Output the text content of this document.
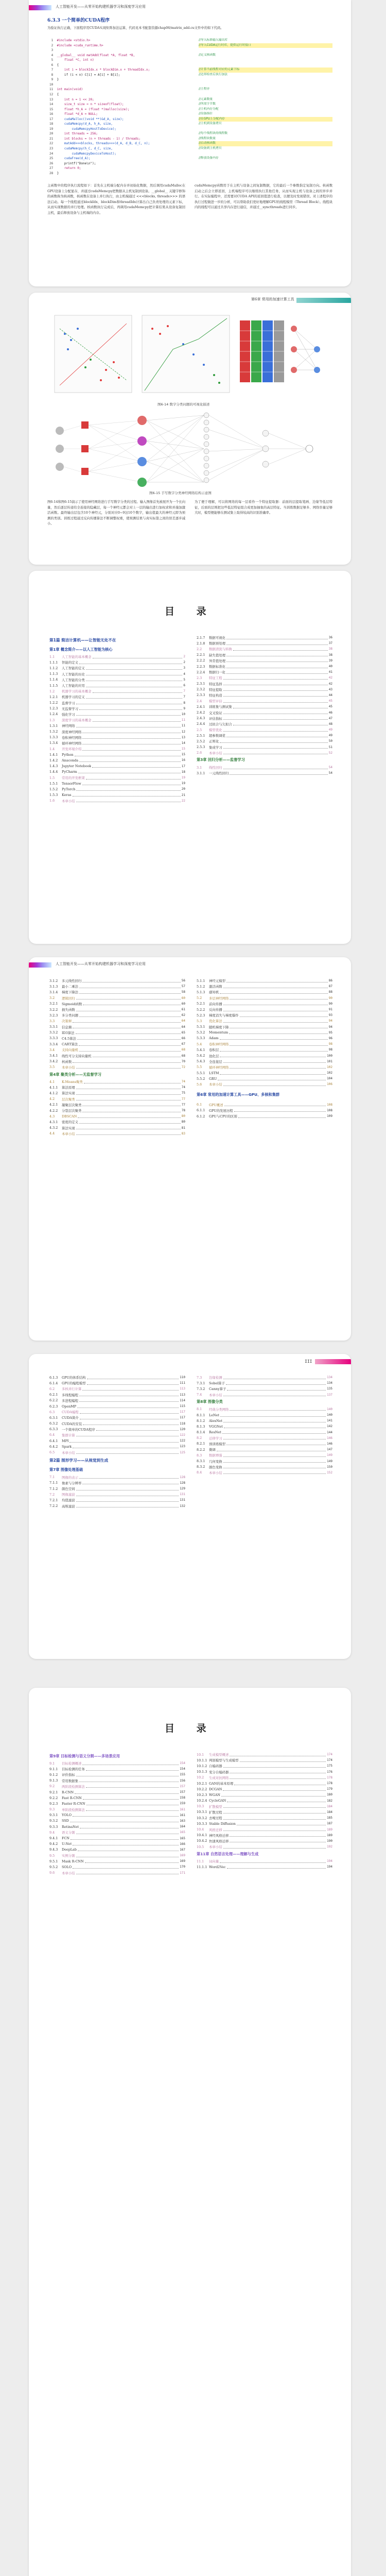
人工智能开发——从零开始构建机器学习和深度学习应用
6.3.3 一个简单的CUDA程序
为验证执行正确，下面程序用CUDA实现矩阵加法运算，代码见本书配套资源chap06/matrix_add.cu文件中的如下代码。
1  #include <stdio.h>
2  #include <cuda_runtime.h>
3
4  __global__ void matAdd(float *A, float *B,
5      float *C, int n)
6  {
7      int i = blockIdx.x * blockDim.x + threadIdx.x;
8      if (i < n) C[i] = A[i] + B[i];
9  }
10
11  int main(void)
12  {
13      int n = 1 << 20;
14      size_t size = n * sizeof(float);
15      float *h_A = (float *)malloc(size);
16      float *d_A = NULL;
17      cudaMalloc((void **)&d_A, size);
18      cudaMemcpy(d_A, h_A, size,
19          cudaMemcpyHostToDevice);
20      int threads = 256;
21      int blocks = (n + threads - 1) / threads;
22      matAdd<<<blocks, threads>>>(d_A, d_B, d_C, n);
23      cudaMemcpy(h_C, d_C, size,
24          cudaMemcpyDeviceToHost);
25      cudaFree(d_A);
26      printf("Done\n");
27      return 0;
28  }
//导入标准输入输出库
//导入CUDA运行时库，提供运行时接口

//定义核函数

//计算当前线程对应的元素下标
//边界检查后执行加法

//主程序

//元素数量
//所需字节数
//主机内存分配
//设备指针
//在GPU上分配内存
//主机到设备拷贝

//每个线程块的线程数
//线程块数量
//启动核函数
//设备到主机拷贝

//释放设备内存

主函数中的程序执行流程如下：首先在主机端分配内存并初始化数据，然后调用cudaMalloc在GPU设备上分配显存，并通过cudaMemcpy把数据从主机复制到设备。__global__ 关键字修饰的函数称为核函数，核函数在设备上并行执行，由主机端通过 <<<blocks, threads>>> 的语法启动。每一个线程通过blockIdx、blockDim和threadIdx计算出自己负责处理的元素下标，从而实现数据的并行处理。核函数执行完成后，再调用cudaMemcpy把计算结果从设备复制回主机，最后释放设备与主机端的内存。
cudaMemcpy函数用于在主机与设备之间复制数据，它的最后一个参数指定复制方向。核函数启动之后会立即返回，主机端程序可以继续执行其他任务，从而实现主机与设备之间的异步并行。在实际编程中，还需要对CUDA API的返回值进行检查，以便及时发现错误。对上述程序的执行过程做进一步的分析，可以帮助我们更好地理解GPU的线程模型（Thread Block）。线程块内的线程可以通过共享内存进行通信，并通过__syncthreads进行同步。
第6章 常用的加速计算工具
图6-14 数字分类问题的可视化描述
图6-15 手写数字分类神经网络结构示意图
图6-14和图6-15演示了使用神经网络进行手写数字分类的过程。输入图像首先被展开为一个长向量，然后逐层传递给全连接的隐藏层，每一个神经元都会对上一层的输出进行加权求和并施加激活函数。最终输出层包含10个神经元，分别对应0~9这10个数字，输出值最大的神经元即为预测的类别。训练过程通过反向传播算法不断调整权重，使预测结果与真实标签之间的误差逐步减小。
为了便于理解，可以将网络的每一层看作一个特征提取器：前面的层提取笔画、边缘等低层特征，后面的层则把这些低层特征组合成更加抽象的高层特征。当训练数据足够多、网络容量足够大时，模型便能够在测试集上取得较高的识别准确率。
目 录
第1篇 简洁计算机——让智能无处不在
第1章 概念简介——以人工智能为核心
1.1	人工智能的基本概念	2
1.1.1 智能的定义	2
1.1.2 人工智能的定义	3
1.1.3 人工智能的历史	4
1.1.4 人工智能的分类	5
1.1.5 人工智能的应用	6
1.2	机器学习的基本概念	7
1.2.1 机器学习的定义	7
1.2.2 监督学习	8
1.2.3 无监督学习	9
1.2.4 强化学习	10
1.3	深度学习的基本概念	11
1.3.1 神经网络	11
1.3.2 深度神经网络	12
1.3.3 卷积神经网络	13
1.3.4 循环神经网络	14
1.4	开发环境介绍	15
1.4.1 Python	15
1.4.2 Anaconda	16
1.4.3 Jupyter Notebook	17
1.4.4 PyCharm	18
1.5	常用的开发框架	19
1.5.1 TensorFlow	19
1.5.2 PyTorch	20
1.5.3 Keras	21
1.6	本章小结	22
2.1.7 数据可视化	36
2.1.8 数据预处理	37
2.2	数据清洗与转换	38
2.2.1 缺失值处理	38
2.2.2 异常值处理	39
2.2.3 数据标准化	40
2.2.4 数据归一化	41
2.3	特征工程	42
2.3.1 特征选择	42
2.3.2 特征提取	43
2.3.3 特征构造	44
2.4	模型评估	45
2.4.1 训练集与测试集	45
2.4.2 交叉验证	46
2.4.3 评估指标	47
2.4.4 过拟合与欠拟合	48
2.5	模型优化	49
2.5.1 超参数调优	49
2.5.2 正则化	50
2.5.3 集成学习	51
2.6	本章小结	52
第3章 回归分析——监督学习
3.1	线性回归	54
3.1.1 一元线性回归	54
人工智能开发——从零开始构建机器学习和深度学习应用
3.1.2 多元线性回归	56
3.1.3 最小二乘法	57
3.1.4 梯度下降法	58
3.2	逻辑回归	60
3.2.1 Sigmoid函数	60
3.2.2 损失函数	61
3.2.3 多分类问题	62
3.3	决策树	64
3.3.1 信息熵	64
3.3.2 ID3算法	65
3.3.3 C4.5算法	66
3.3.4 CART算法	67
3.4	支持向量机	68
3.4.1 线性可分支持向量机	68
3.4.2 核函数	70
3.5	本章小结	72
第4章 聚类分析——无监督学习
4.1	K-Means聚类	74
4.1.1 算法原理	74
4.1.2 算法实现	75
4.2	层次聚类	77
4.2.1 凝聚层次聚类	77
4.2.2 分裂层次聚类	78
4.3	DBSCAN	80
4.3.1 密度的定义	80
4.3.2 算法实现	81
4.4	本章小结	83
5.1.1 神经元模型	86
5.1.2 激活函数	87
5.1.3 感知机	88
5.2	多层神经网络	90
5.2.1 前向传播	90
5.2.2 反向传播	91
5.2.3 梯度消失与梯度爆炸	93
5.3	优化算法	94
5.3.1 随机梯度下降	94
5.3.2 Momentum	95
5.3.3 Adam	96
5.4	卷积神经网络	98
5.4.1 卷积层	98
5.4.2 池化层	100
5.4.3 全连接层	101
5.5	循环神经网络	102
5.5.1 LSTM	102
5.5.2 GRU	104
5.6	本章小结	106
第6章 常用的加速计算工具——GPU、多核和集群
6.1	GPU概述	108
6.1.1 GPU的发展历程	108
6.1.2 GPU与CPU的区别	109
III
6.1.3 GPU的体系结构	110
6.1.4 GPU的编程模型	111
6.2	多核并行计算	113
6.2.1 多线程编程	113
6.2.2 多进程编程	114
6.2.3 OpenMP	115
6.3	CUDA编程	117
6.3.1 CUDA简介	117
6.3.2 CUDA的安装	118
6.3.3 一个简单的CUDA程序	120
6.4	集群计算	122
6.4.1 MPI	122
6.4.2 Spark	123
6.5	本章小结	125
第2篇 图形学习——从视觉到生成
第7章 图像处理基础
7.1	图像的表示	128
7.1.1 像素与分辨率	128
7.1.2 颜色空间	129
7.2	图像滤波	131
7.2.1 均值滤波	131
7.2.2 高斯滤波	132
7.3	边缘检测	134
7.3.1 Sobel算子	134
7.3.2 Canny算子	135
7.4	本章小结	137
第8章 图像分类
8.1	经典分类网络	140
8.1.1 LeNet	140
8.1.2 AlexNet	141
8.1.3 VGGNet	142
8.1.4 ResNet	144
8.2	迁移学习	146
8.2.1 预训练模型	146
8.2.2 微调	147
8.3	数据增强	149
8.3.1 几何变换	149
8.3.2 颜色变换	150
8.4	本章小结	152
目 录
第9章 目标检测与语义分割——多场景应用
9.1	目标检测概述	154
9.1.1 目标检测的任务	154
9.1.2 评价指标	155
9.1.3 常用数据集	156
9.2	两阶段检测算法	157
9.2.1 R-CNN	157
9.2.2 Fast R-CNN	158
9.2.3 Faster R-CNN	159
9.3	单阶段检测算法	161
9.3.1 YOLO	161
9.3.2 SSD	163
9.3.3 RetinaNet	164
9.4	语义分割	165
9.4.1 FCN	165
9.4.2 U-Net	166
9.4.3 DeepLab	167
9.5	实例分割	169
9.5.1 Mask R-CNN	169
9.5.2 SOLO	170
9.6	本章小结	171
10.1	生成模型概述	174
10.1.1 判别模型与生成模型	174
10.1.2 自编码器	175
10.1.3 变分自编码器	176
10.2	生成对抗网络	178
10.2.1 GAN的基本原理	178
10.2.2 DCGAN	179
10.2.3 WGAN	180
10.2.4 CycleGAN	182
10.3	扩散模型	184
10.3.1 扩散过程	184
10.3.2 去噪过程	185
10.3.3 Stable Diffusion	187
10.4	风格迁移	189
10.4.1 神经风格迁移	189
10.4.2 快速风格迁移	190
10.5	本章小结	192
第11章 自然语言处理——理解与生成
11.1	词向量	194
11.1.1 Word2Vec	194
